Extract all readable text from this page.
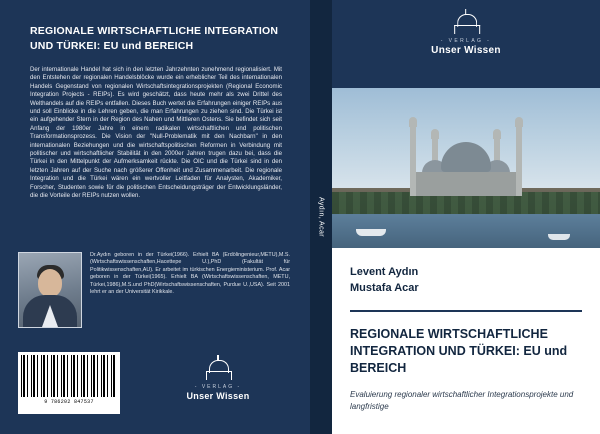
REGIONALE WIRTSCHAFTLICHE INTEGRATION UND TÜRKEI: EU und BEREICH
Der internationale Handel hat sich in den letzten Jahrzehnten zunehmend regionalisiert. Mit den Entstehen der regionalen Handelsblöcke wurde ein erheblicher Teil des internationalen Handels Gegenstand von regionalen Wirtschaftsintegrationsprojekten (Regional Economic Integration Projects - REIPs). Es wird geschätzt, dass heute mehr als zwei Drittel des Welthandels auf die REIPs entfallen. Dieses Buch wertet die Erfahrungen einiger REIPs aus und soll Einblicke in die Lehren geben, die man Erfahrungen zu ziehen sind. Die Türkei ist ein aufgehender Stern in der Region des Nahen und Mittleren Ostens. Sie befindet sich seit Anfang der 1980er Jahre in einem radikalen wirtschaftlichen und politischen Transformationsprozess. Die Vision der "Null-Problematik mit den Nachbarn" in den internationalen Beziehungen und die wirtschaftspolitischen Reformen in Verbindung mit politischer und wirtschaftlicher Stabilität in den 2000er Jahren trugen dazu bei, dass die Türkei in den Mittelpunkt der Aufmerksamkeit rückte. Die OIC und die Türkei sind in den letzten Jahren auf der Suche nach größerer Offenheit und Zusammenarbeit. Die regionale Integration und die Türkei wären ein wertvoller Leitfaden für Analysten, Akademiker, Forscher, Studenten sowie für die politischen Entscheidungsträger der Entwicklungsländer, die die Vorteile der REIPs nutzen wollen.
Dr.Aydın geboren in der Türkei(1966). Erhielt BA (Erdölingenieur,METU),M.S. (Wirtschaftswissenschaften,Hacettepe U.),PhD (Fakultät für Politikwissenschaften,AU). Er arbeitet im türkischen Energieministerium. Prof. Acar geboren in der Türkei(1965). Erhielt BA (Wirtschaftswissenschaften, METU, Türkei,1986),M.S.und PhD(Wirtschaftswissenschaften, Purdue U.,USA). Seit 2001 lehrt er an der Universität Kirikkale.
9 786202 847537
- VERLAG -
Unser Wissen
Aydın, Acar
- VERLAG -
Unser Wissen
Levent Aydın
Mustafa Acar
REGIONALE WIRTSCHAFTLICHE INTEGRATION UND TÜRKEI: EU und BEREICH
Evaluierung regionaler wirtschaftlicher Integrationsprojekte und langfristige
